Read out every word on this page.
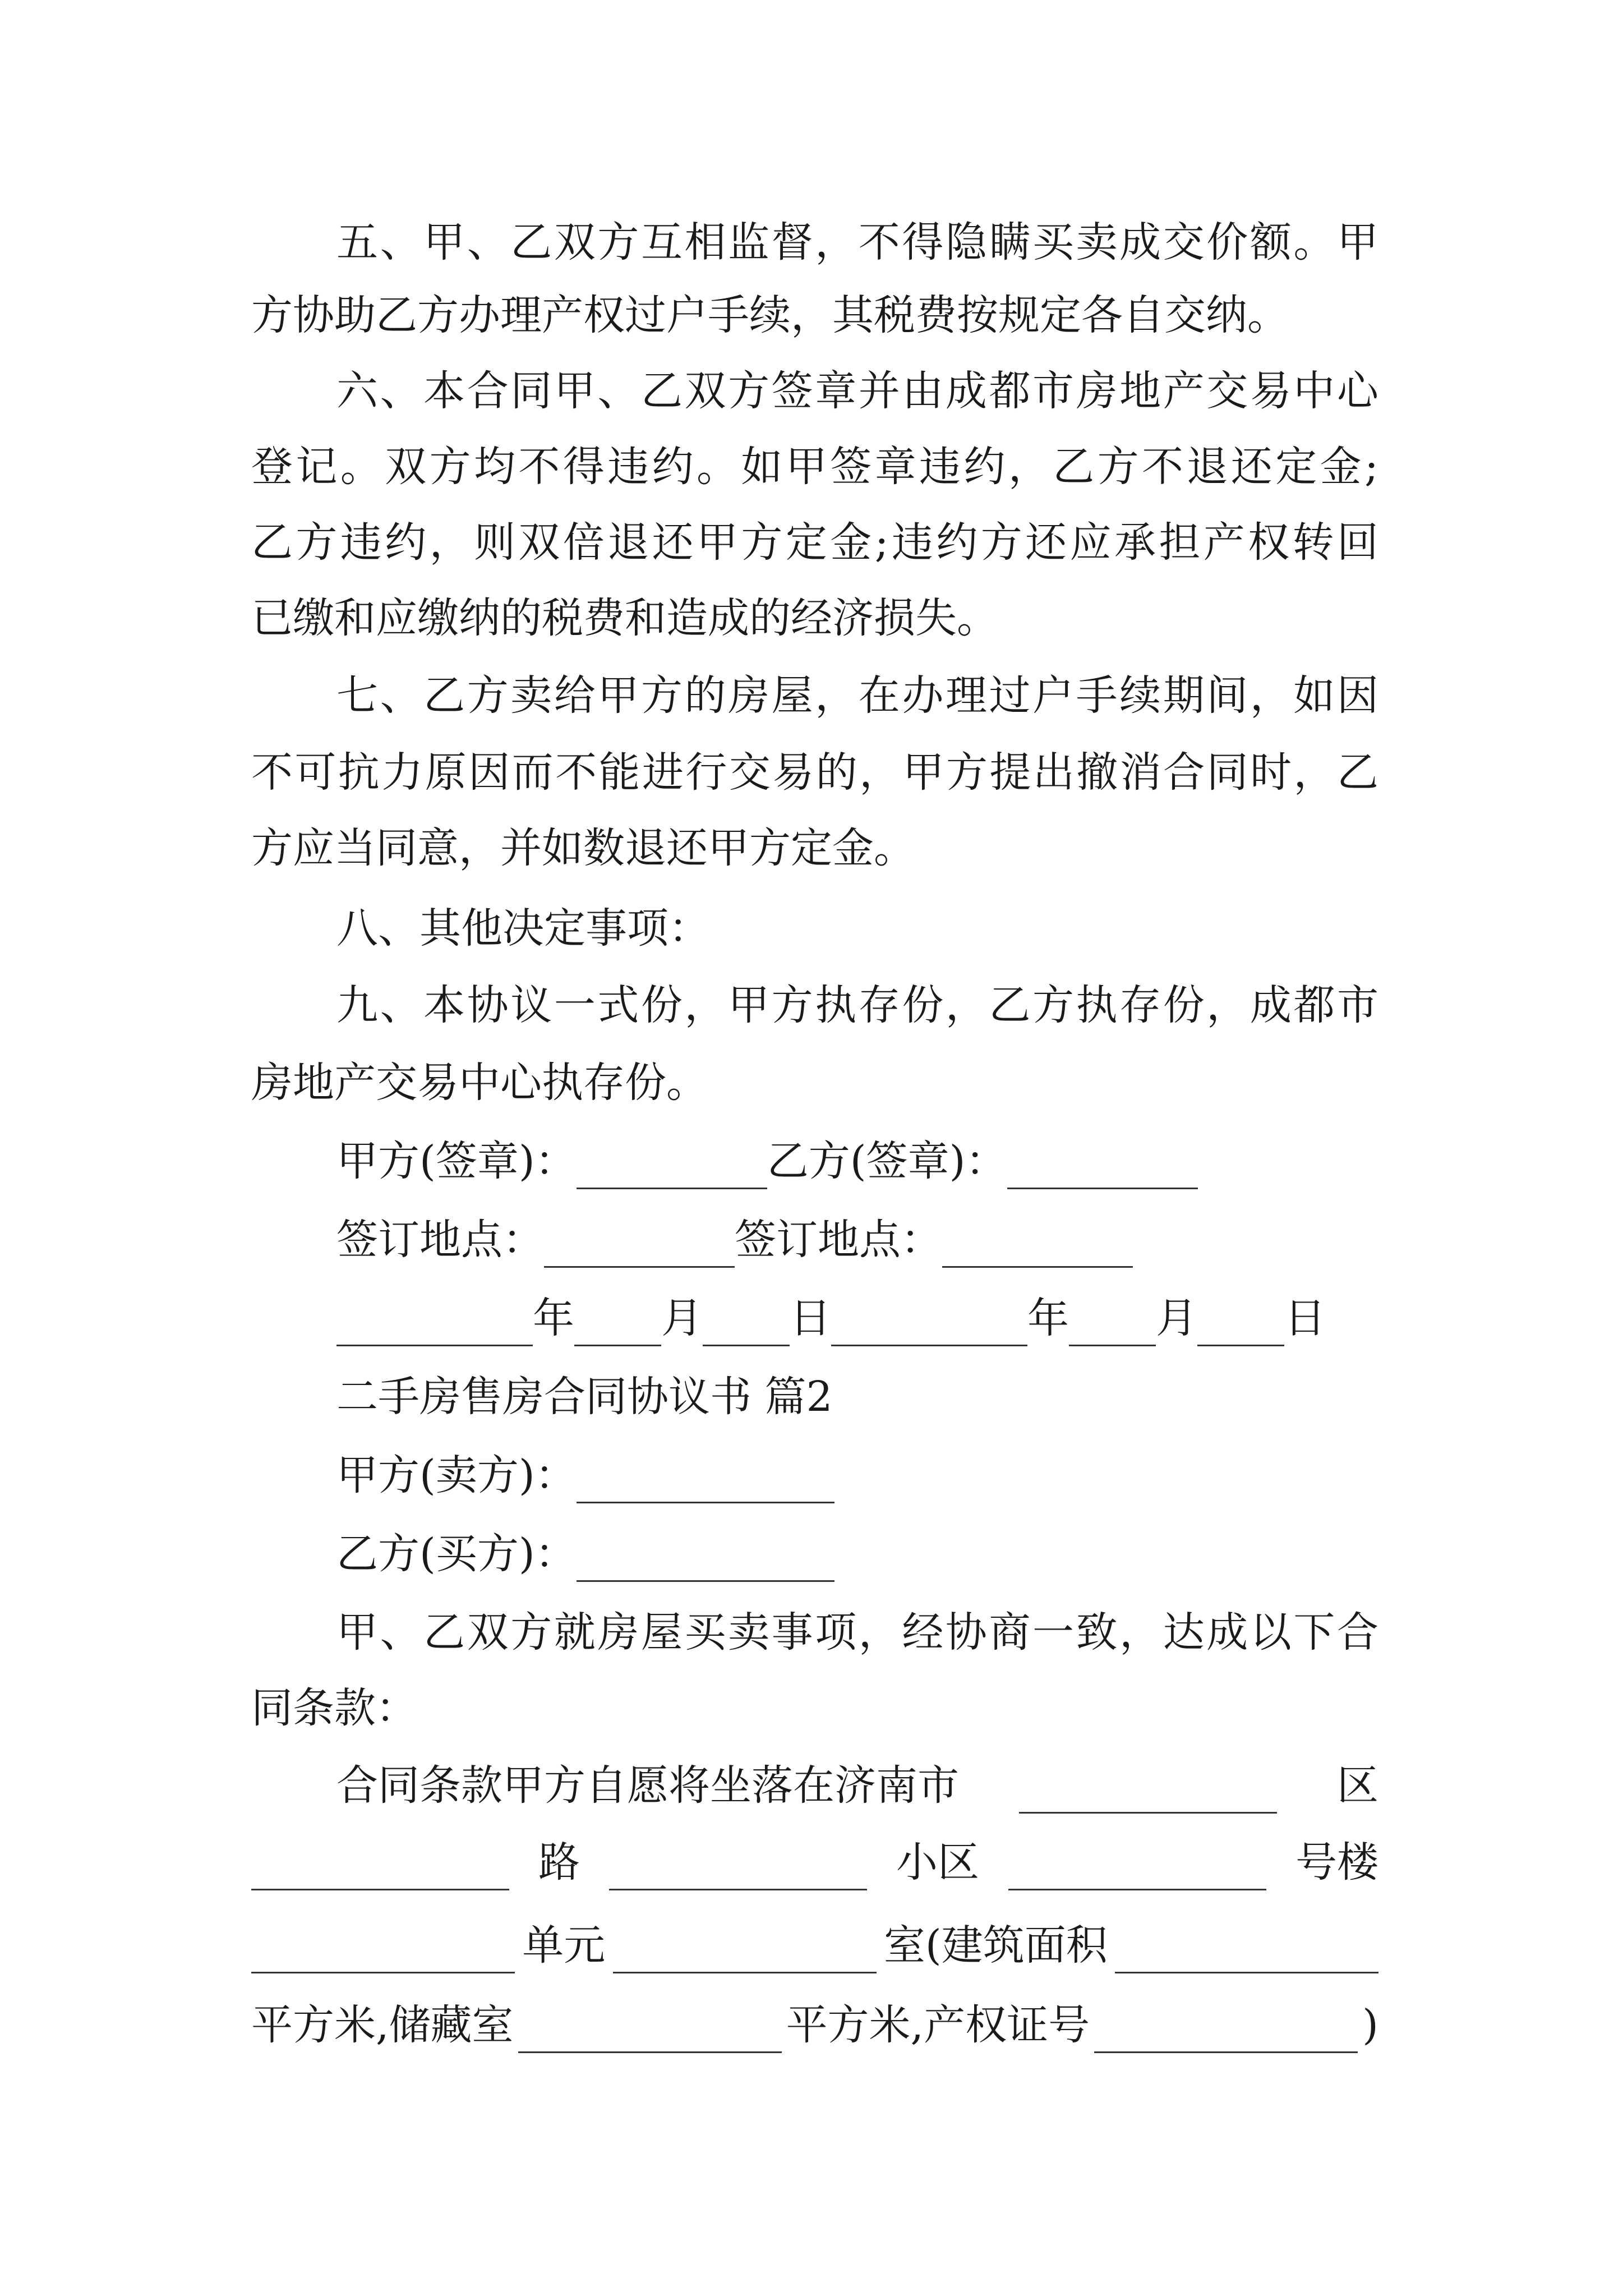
五、甲、乙双方互相监督，不得隐瞒买卖成交价额。甲
方协助乙方办理产权过户手续，其税费按规定各自交纳。
六、本合同甲、乙双方签章并由成都市房地产交易中心
登记。双方均不得违约。如甲签章违约，乙方不退还定金;
乙方违约，则双倍退还甲方定金;违约方还应承担产权转回
已缴和应缴纳的税费和造成的经济损失。
七、乙方卖给甲方的房屋，在办理过户手续期间，如因
不可抗力原因而不能进行交易的，甲方提出撤消合同时，乙
方应当同意，并如数退还甲方定金。
八、其他决定事项：
九、本协议一式份，甲方执存份，乙方执存份，成都市
房地产交易中心执存份。
甲方(签章)：	乙方(签章)：
签订地点：	签订地点：
年 月 日	年 月 日
二手房售房合同协议书 篇2
甲方(卖方)：
乙方(买方)：
甲、乙双方就房屋买卖事项，经协商一致，达成以下合
同条款：
合同条款甲方自愿将坐落在济南市	区
路	小区	号楼
单元	室(建筑面积
平方米,储藏室	平方米,产权证号	)
